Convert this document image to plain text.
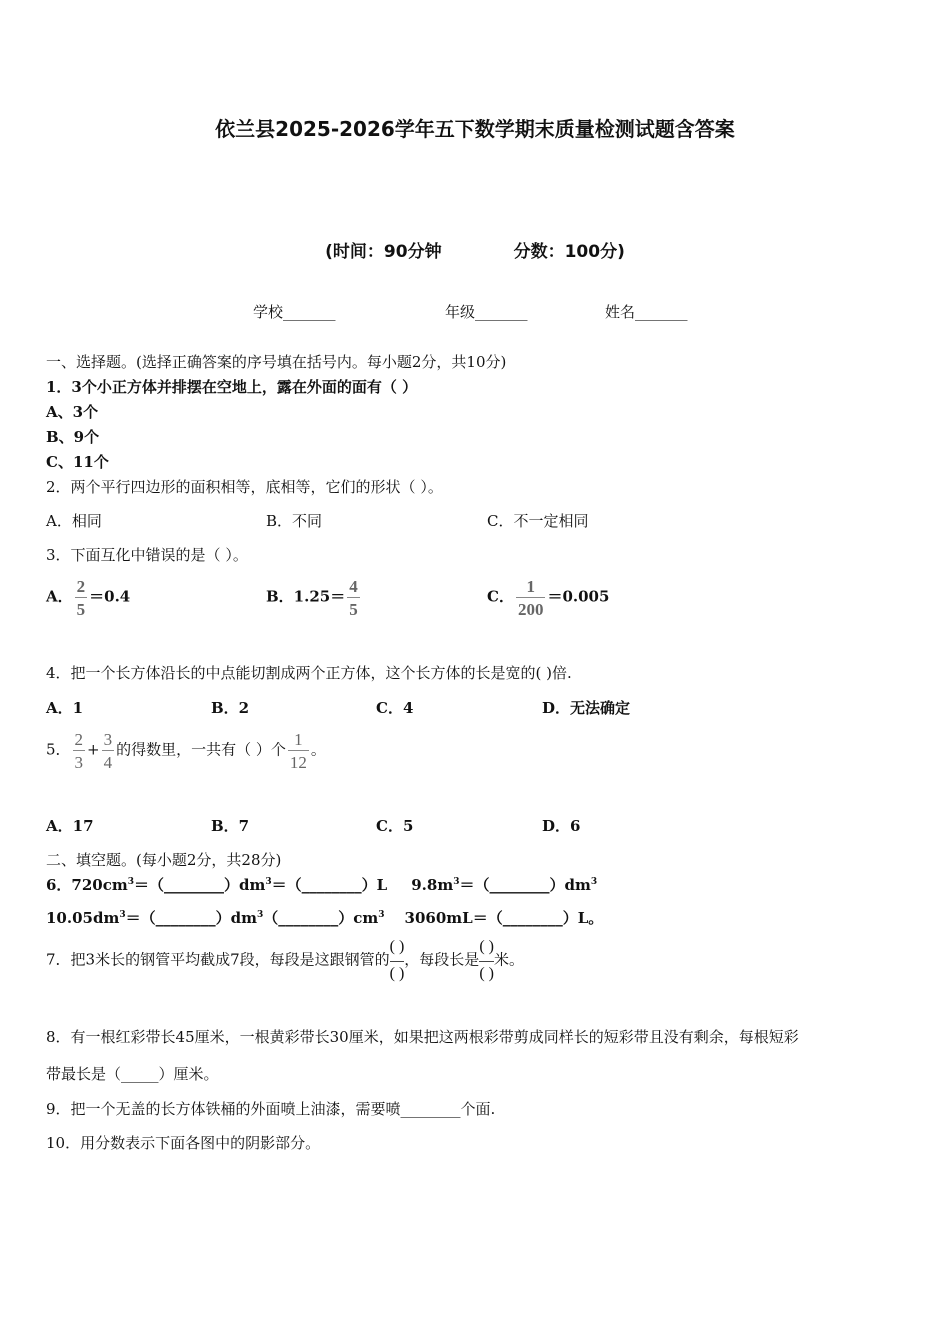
依兰县2025-2026学年五下数学期末质量检测试题含答案
(时间：90分钟	分数：100分)
学校_______	年级_______	姓名_______
一、选择题。(选择正确答案的序号填在括号内。每小题2分，共10分)
1．3个小正方体并排摆在空地上，露在外面的面有（ ）
A、3个
B、9个
C、11个
2．两个平行四边形的面积相等，底相等，它们的形状（ ）。
A．相同	B．不同	C．不一定相同
3．下面互化中错误的是（ ）。
A． $\frac{2}{5} =0.4$	B．$1.25= \frac{4}{5}$	C． $\frac{1}{200} =0.005$
4．把一个长方体沿长的中点能切割成两个正方体，这个长方体的长是宽的( )倍.
A．1	B．2	C．4	D．无法确定
5． $\frac{2}{3} + \frac{3}{4}$ 的得数里，一共有（ ）个 $\frac{1}{12}$ 。
A．17	B．7	C．5	D．6
二、填空题。(每小题2分，共28分)
6．$720cm^3=(\_\_\_\_\_\_\_\_)dm^3=(\_\_\_\_\_\_\_\_)L$ $9.8m^3=(\_\_\_\_\_\_\_\_)dm^3$
$10.05dm^3=(\_\_\_\_\_\_\_\_)dm^3(\_\_\_\_\_\_\_\_)cm^3$ 3060mL＝（________）L。
7．把3米长的钢管平均截成7段，每段是这跟钢管的
( )
( )
，每段长是
( )
( )
米。
8．有一根红彩带长45厘米，一根黄彩带长30厘米，如果把这两根彩带剪成同样长的短彩带且没有剩余，每根短彩
带最长是（_____）厘米。
9．把一个无盖的长方体铁桶的外面喷上油漆，需要喷________个面.
10．用分数表示下面各图中的阴影部分。
